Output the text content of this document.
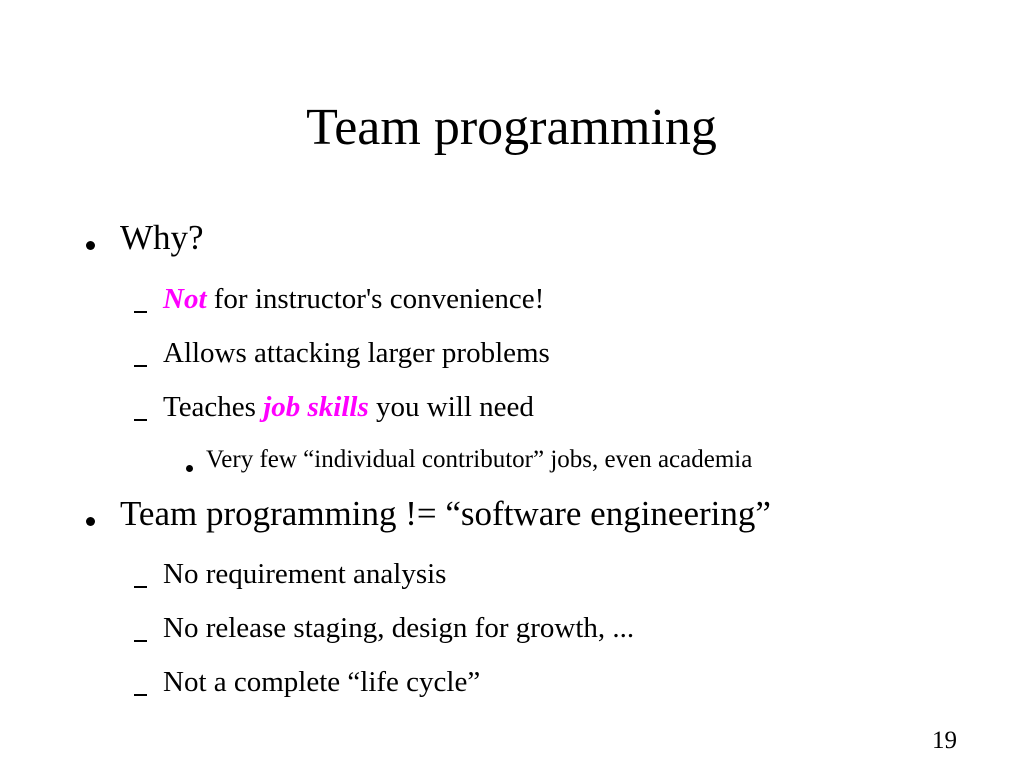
Team programming
Why?
Not for instructor's convenience!
Allows attacking larger problems
Teaches job skills you will need
Very few “individual contributor” jobs, even academia
Team programming != “software engineering”
No requirement analysis
No release staging, design for growth, ...
Not a complete “life cycle”
19
